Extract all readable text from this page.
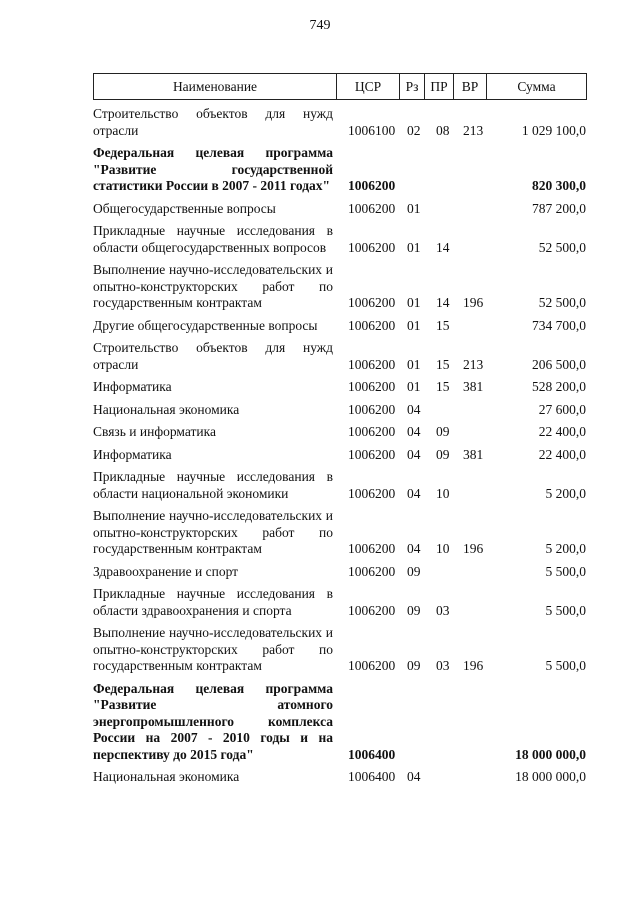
749
Наименование	ЦСР	Рз ПР	ВР	Сумма
Строительство объектов для нужд отрасли	1006100 02 08 213	1 029 100,0
Федеральная целевая программа "Развитие государственной статистики России в 2007 - 2011 годах" 1006200	820 300,0
Общегосударственные вопросы	1006200 01	787 200,0
Прикладные научные исследования в области общегосударственных вопросов	1006200 01 14	52 500,0
Выполнение научно-исследовательских и опытно-конструкторских работ по государственным контрактам	1006200 01 14 196	52 500,0
Другие общегосударственные вопросы	1006200 01 15	734 700,0
Строительство объектов для нужд отрасли	1006200 01 15 213	206 500,0
Информатика	1006200 01 15 381	528 200,0
Национальная экономика	1006200 04	27 600,0
Связь и информатика	1006200 04 09	22 400,0
Информатика	1006200 04 09 381	22 400,0
Прикладные научные исследования в области национальной экономики	1006200 04 10	5 200,0
Выполнение научно-исследовательских и опытно-конструкторских работ по государственным контрактам	1006200 04 10 196	5 200,0
Здравоохранение и спорт	1006200 09	5 500,0
Прикладные научные исследования в области здравоохранения и спорта	1006200 09 03	5 500,0
Выполнение научно-исследовательских и опытно-конструкторских работ по государственным контрактам	1006200 09 03 196	5 500,0
Федеральная целевая программа "Развитие атомного энергопромышленного комплекса России на 2007 - 2010 годы и на перспективу до 2015 года"	1006400	18 000 000,0
Национальная экономика	1006400 04	18 000 000,0
